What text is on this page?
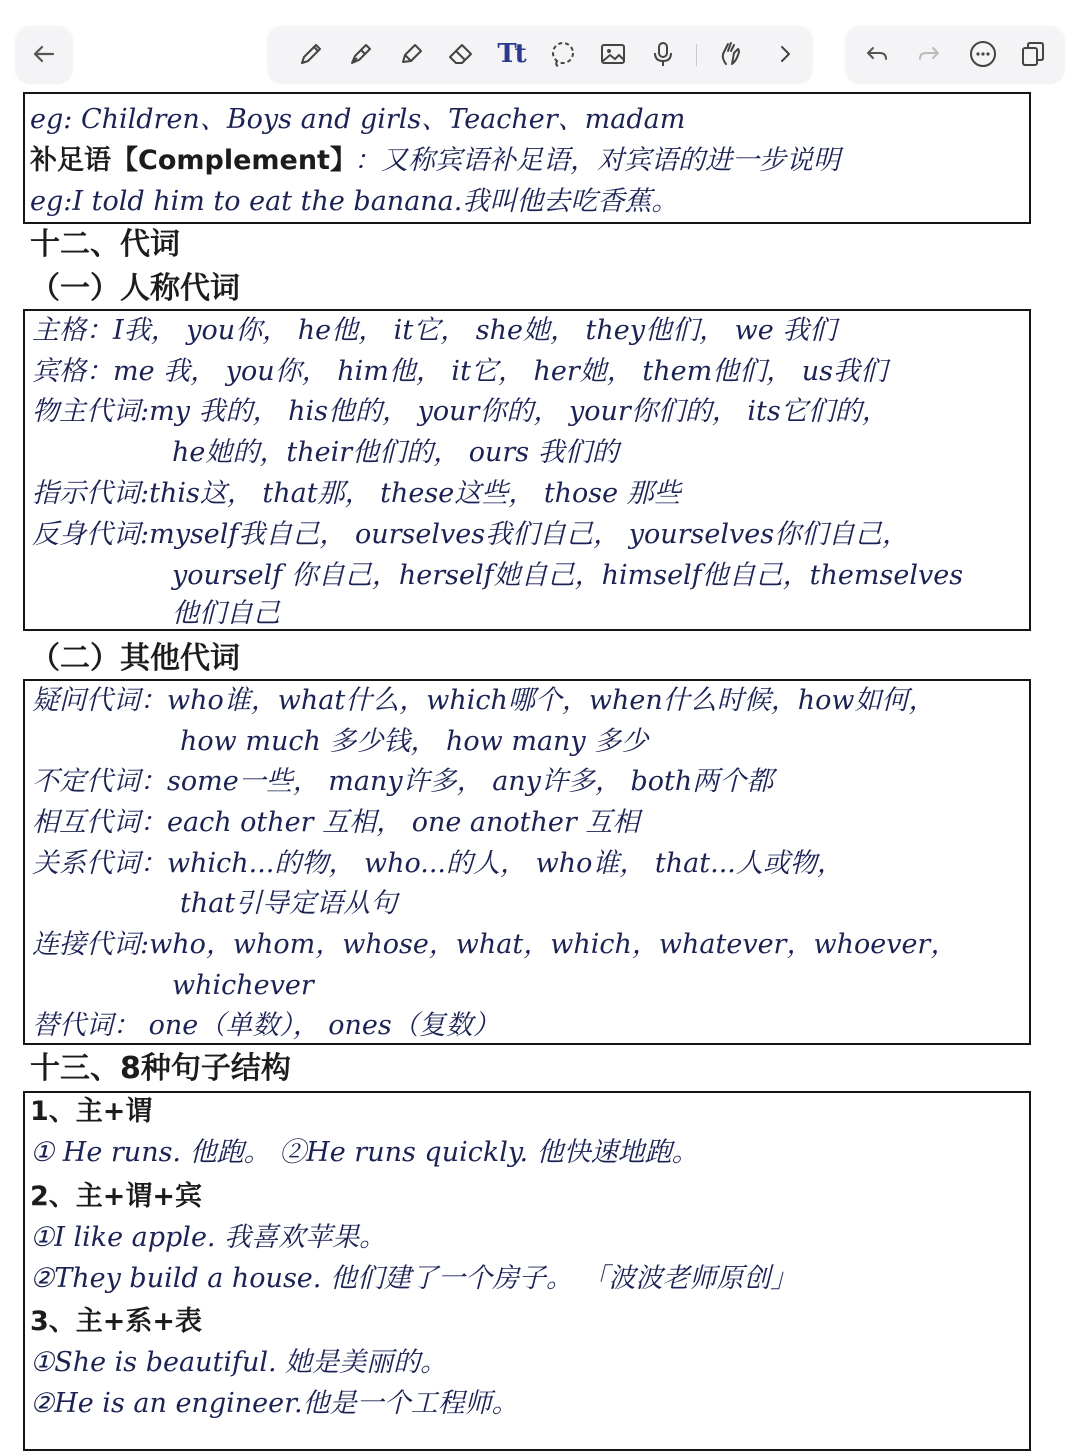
Tt
eg: Children、Boys and girls、Teacher、madam
补足语【Complement】
：又称宾语补足语，对宾语的进一步说明
eg:I told him to eat the banana.我叫他去吃香蕉。
十二、代词
（一）人称代词
主格：I我， you你， he他， it它， she她， they他们， we 我们
宾格：me 我， you你， him他， it它， her她， them他们， us我们
物主代词:my 我的， his他的， your你的， your你们的， its它们的，
he她的，their他们的， ours 我们的
指示代词:this这， that那， these这些， those 那些
反身代词:myself我自己， ourselves我们自己， yourselves你们自己，
yourself 你自己，herself她自己，himself他自己，themselves
他们自己
（二）其他代词
疑问代词：who谁，what什么，which哪个，when什么时候，how如何，
how much 多少钱， how many 多少
不定代词：some一些， many许多， any许多， both两个都
相互代词：each other 互相， one another 互相
关系代词：which...的物， who...的人， who谁， that...人或物，
that引导定语从句
连接代词:who，whom，whose，what，which，whatever，whoever，
whichever
替代词： one（单数）， ones（复数）
十三、8种句子结构
1、主+谓
① He runs. 他跑。 ②He runs quickly. 他快速地跑。
2、主+谓+宾
①I like apple. 我喜欢苹果。
②They build a house. 他们建了一个房子。 「波波老师原创」
3、主+系+表
①She is beautiful. 她是美丽的。
②He is an engineer.他是一个工程师。
